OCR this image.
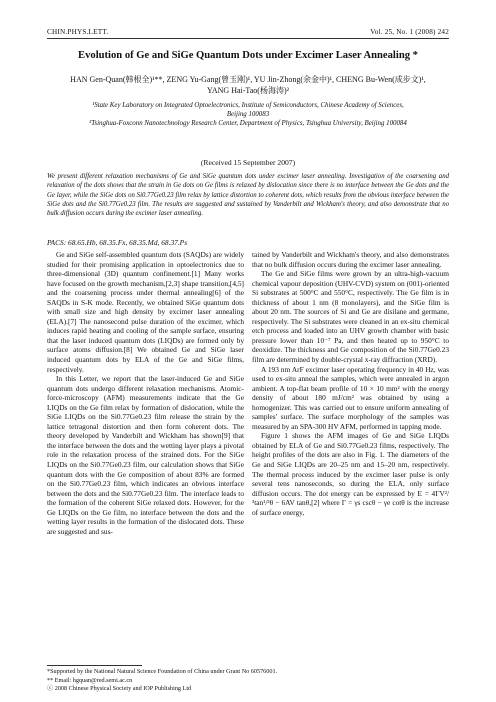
CHIN.PHYS.LETT.	Vol. 25, No. 1 (2008) 242
Evolution of Ge and SiGe Quantum Dots under Excimer Laser Annealing *
HAN Gen-Quan(韩根全)¹**, ZENG Yu-Gang(曾玉刚)¹, YU Jin-Zhong(余金中)¹, CHENG Bu-Wen(成步文)¹,
YANG Hai-Tao(杨海涛)²
¹State Key Laboratory on Integrated Optoelectronics, Institute of Semiconductors, Chinese Academy of Sciences,
Beijing 100083
²Tsinghua-Foxconn Nanotechnology Research Center, Department of Physics, Tsinghua University, Beijing 100084
(Received 15 September 2007)
We present different relaxation mechanisms of Ge and SiGe quantum dots under excimer laser annealing. Investigation of the coarsening and relaxation of the dots shows that the strain in Ge dots on Ge films is relaxed by dislocation since there is no interface between the Ge dots and the Ge layer, while the SiGe dots on Si0.77Ge0.23 film relax by lattice distortion to coherent dots, which results from the obvious interface between the SiGe dots and the Si0.77Ge0.23 film. The results are suggested and sustained by Vanderbilt and Wickham's theory, and also demonstrate that no bulk diffusion occurs during the excimer laser annealing.
PACS: 68.65.Hb, 68.35.Fx, 68.35.Md, 68.37.Ps

Ge and SiGe self-assembled quantum dots (SAQDs) are widely studied for their promising application in optoelectronics due to three-dimensional (3D) quantum confinement.[1] Many works have focused on the growth mechanism,[2,3] shape transition,[4,5] and the coarsening process under thermal annealing[6] of the SAQDs in S-K mode. Recently, we obtained SiGe quantum dots with small size and high density by excimer laser annealing (ELA).[7] The nanosecond pulse duration of the excimer, which induces rapid heating and cooling of the sample surface, ensuring that the laser induced quantum dots (LIQDs) are formed only by surface atoms diffusion.[8] We obtained Ge and SiGe laser induced quantum dots by ELA of the Ge and SiGe films, respectively.

In this Letter, we report that the laser-induced Ge and SiGe quantum dots undergo different relaxation mechanisms. Atomic-force-microscopy (AFM) measurements indicate that the Ge LIQDs on the Ge film relax by formation of dislocation, while the SiGe LIQDs on the Si0.77Ge0.23 film release the strain by the lattice tetragonal distortion and then form coherent dots. The theory developed by Vanderbilt and Wickham has shown[9] that the interface between the dots and the wetting layer plays a pivotal role in the relaxation process of the strained dots. For the SiGe LIQDs on the Si0.77Ge0.23 film, our calculation shows that SiGe quantum dots with the Ge composition of about 83% are formed on the Si0.77Ge0.23 film, which indicates an obvious interface between the dots and the Si0.77Ge0.23 film. The interface leads to the formation of the coherent SiGe relaxed dots. However, for the Ge LIQDs on the Ge film, no interface between the dots and the wetting layer results in the formation of the dislocated dots. These are suggested and sus-

tained by Vanderbilt and Wickham's theory, and also demonstrates that no bulk diffusion occurs during the excimer laser annealing.

The Ge and SiGe films were grown by an ultra-high-vacuum chemical vapour deposition (UHV-CVD) system on (001)-oriented Si substrates at 500°C and 550°C, respectively. The Ge film is in thickness of about 1 nm (8 monolayers), and the SiGe film is about 20 nm. The sources of Si and Ge are disilane and germane, respectively. The Si substrates were cleaned in an ex-situ chemical etch process and loaded into an UHV growth chamber with basic pressure lower than 10⁻⁷ Pa, and then heated up to 950°C to deoxidize. The thickness and Ge composition of the Si0.77Ge0.23 film are determined by double-crystal x-ray diffraction (XRD).

A 193 nm ArF excimer laser operating frequency in 40 Hz, was used to ex-situ anneal the samples, which were annealed in argon ambient. A top-flat beam profile of 10 × 10 mm² with the energy density of about 180 mJ/cm² was obtained by using a homogenizer. This was carried out to ensure uniform annealing of samples' surface. The surface morphology of the samples was measured by an SPA-300 HV AFM, performed in tapping mode.

Figure 1 shows the AFM images of Ge and SiGe LIQDs obtained by ELA of Ge and Si0.77Ge0.23 films, respectively. The height profiles of the dots are also in Fig. 1. The diameters of the Ge and SiGe LIQDs are 20–25 nm and 15–20 nm, respectively. The thermal process induced by the excimer laser pulse is only several tens nanoseconds, so during the ELA, only surface diffusion occurs. The dot energy can be expressed by E = 4ΓV²/³tan¹/³θ − 6AV tanθ,[2] where Γ = γs cscθ − γe cotθ is the increase of surface energy,

*Supported by the National Natural Science Foundation of China under Grant No 60576001.
** Email: hgquan@red.semi.ac.cn
ⓒ 2008 Chinese Physical Society and IOP Publishing Ltd
